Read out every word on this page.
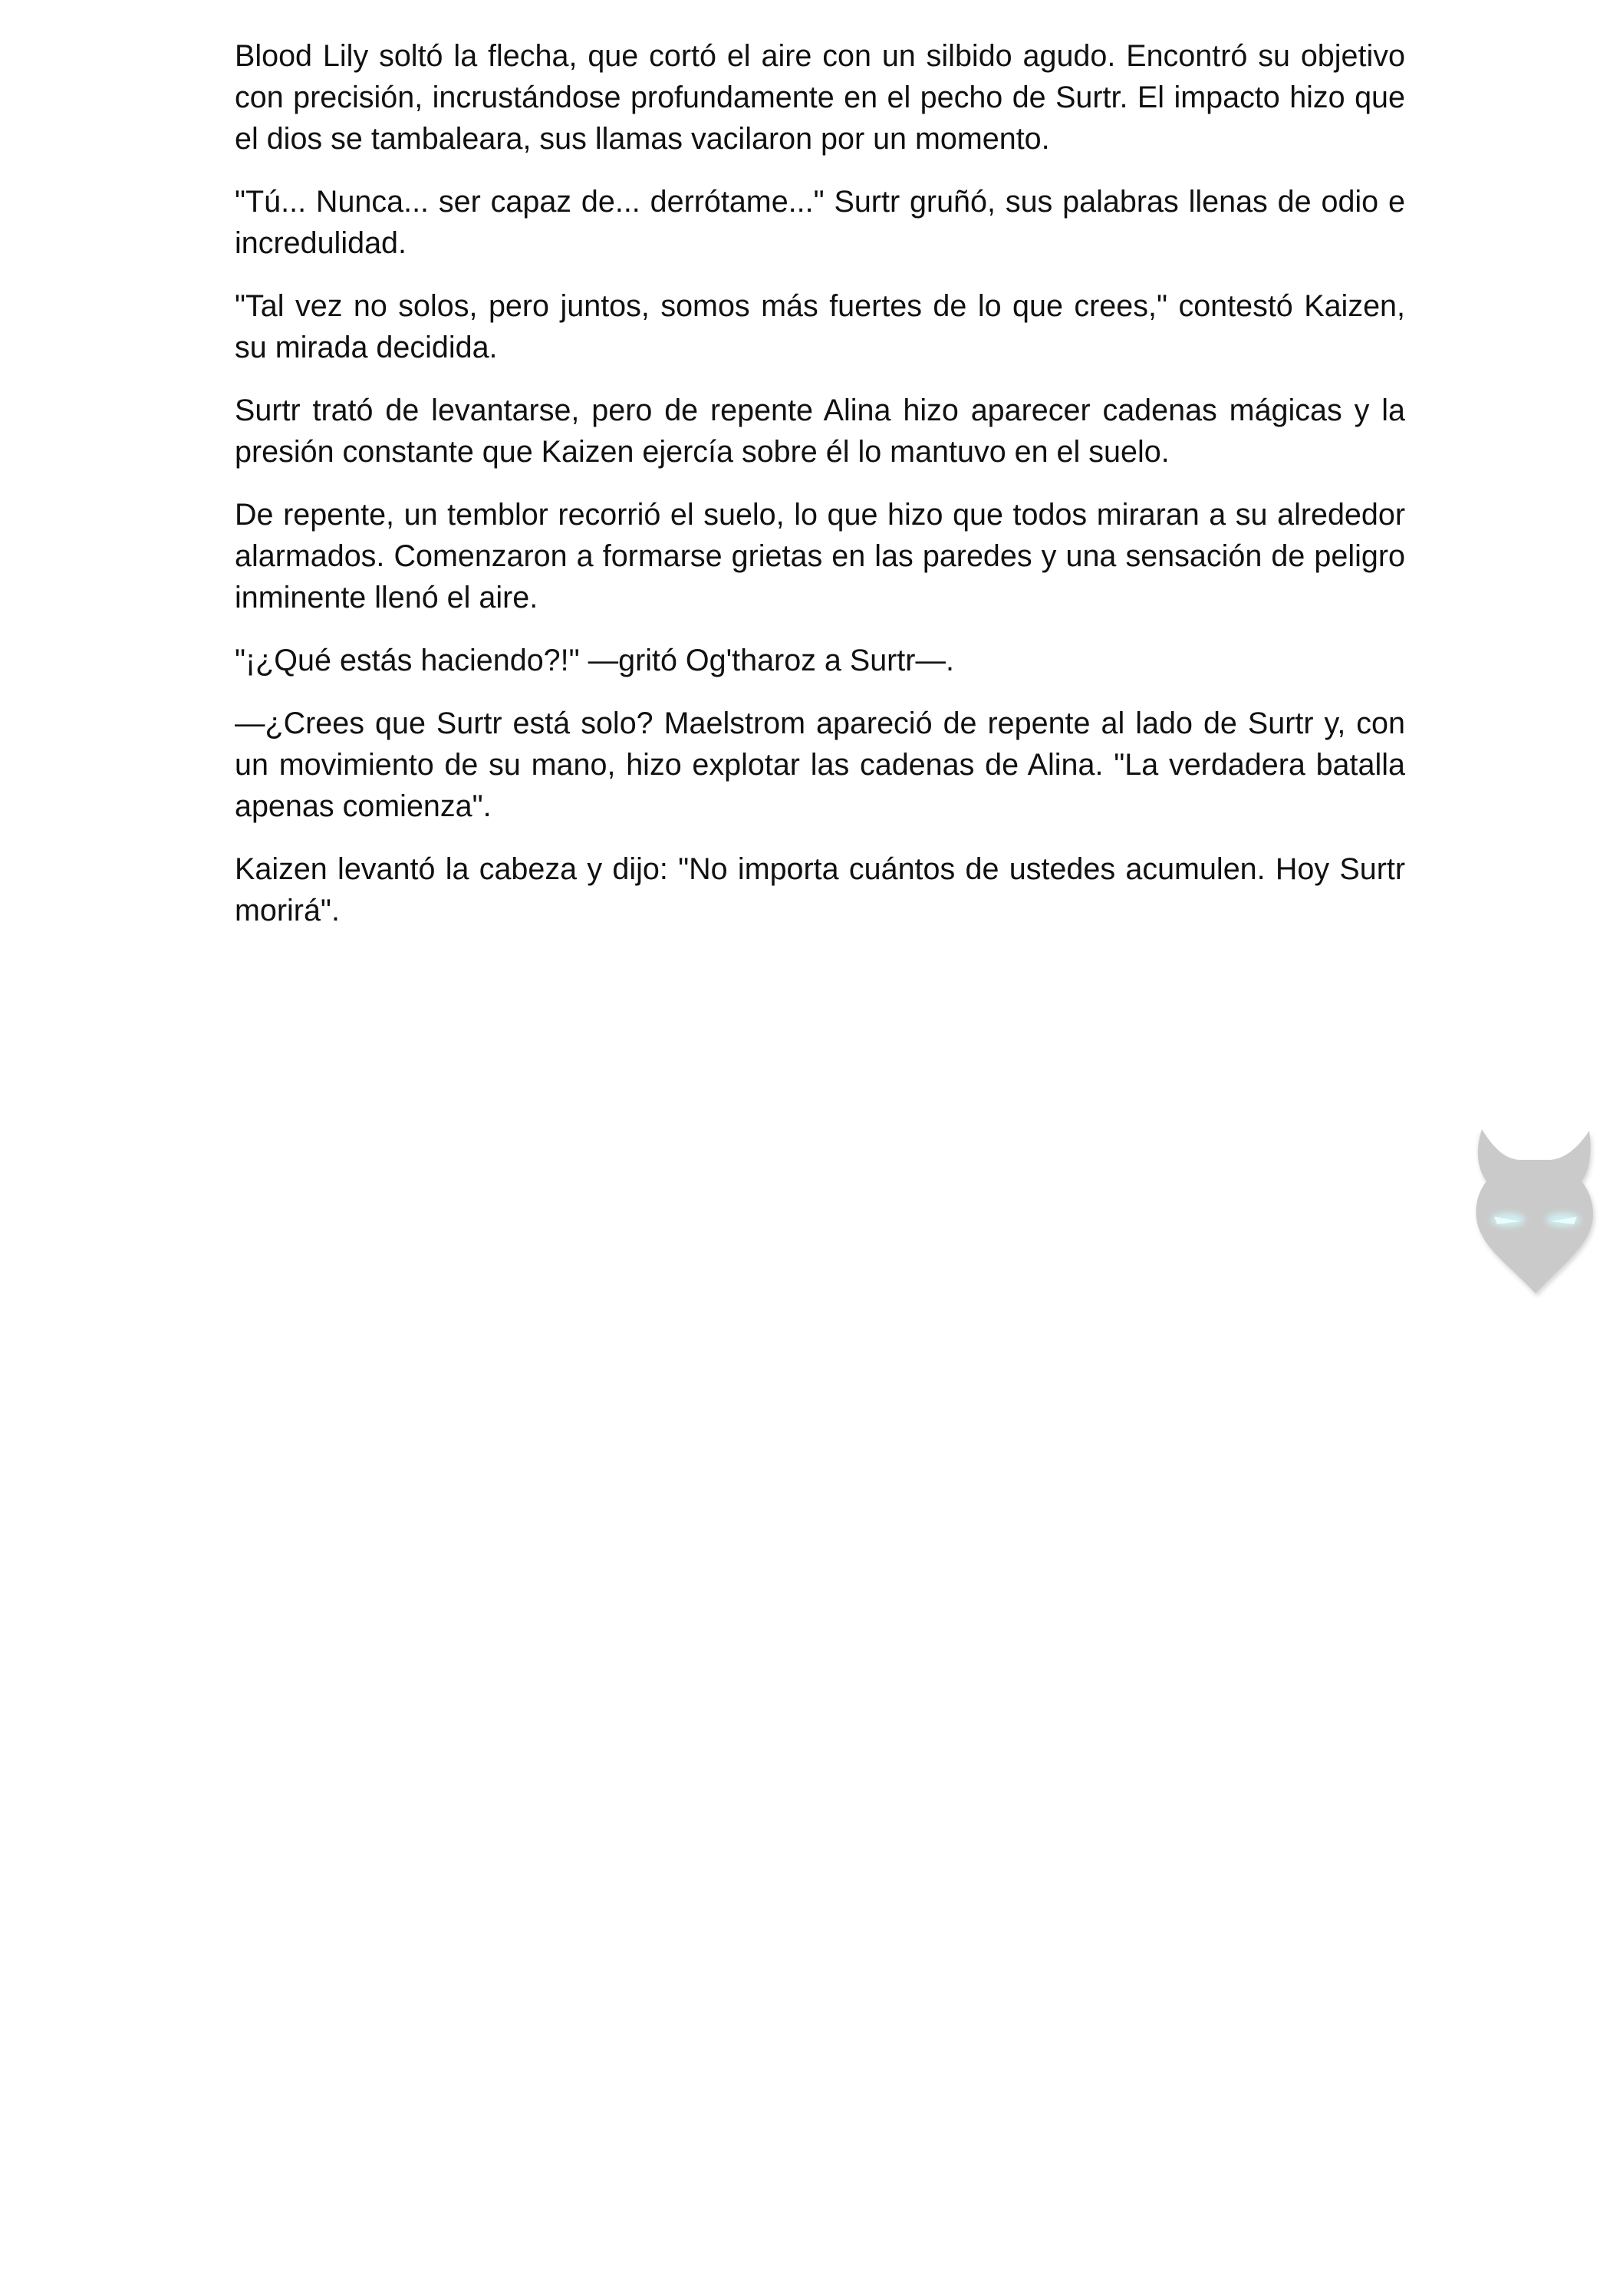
Blood Lily soltó la flecha, que cortó el aire con un silbido agudo. Encontró su objetivo con precisión, incrustándose profundamente en el pecho de Surtr. El impacto hizo que el dios se tambaleara, sus llamas vacilaron por un momento.

"Tú... Nunca... ser capaz de... derrótame..." Surtr gruñó, sus palabras llenas de odio e incredulidad.

"Tal vez no solos, pero juntos, somos más fuertes de lo que crees," contestó Kaizen, su mirada decidida.

Surtr trató de levantarse, pero de repente Alina hizo aparecer cadenas mágicas y la presión constante que Kaizen ejercía sobre él lo mantuvo en el suelo.

De repente, un temblor recorrió el suelo, lo que hizo que todos miraran a su alrededor alarmados. Comenzaron a formarse grietas en las paredes y una sensación de peligro inminente llenó el aire.

"¡¿Qué estás haciendo?!" —gritó Og'tharoz a Surtr—.

—¿Crees que Surtr está solo? Maelstrom apareció de repente al lado de Surtr y, con un movimiento de su mano, hizo explotar las cadenas de Alina. "La verdadera batalla apenas comienza".

Kaizen levantó la cabeza y dijo: "No importa cuántos de ustedes acumulen. Hoy Surtr morirá".
